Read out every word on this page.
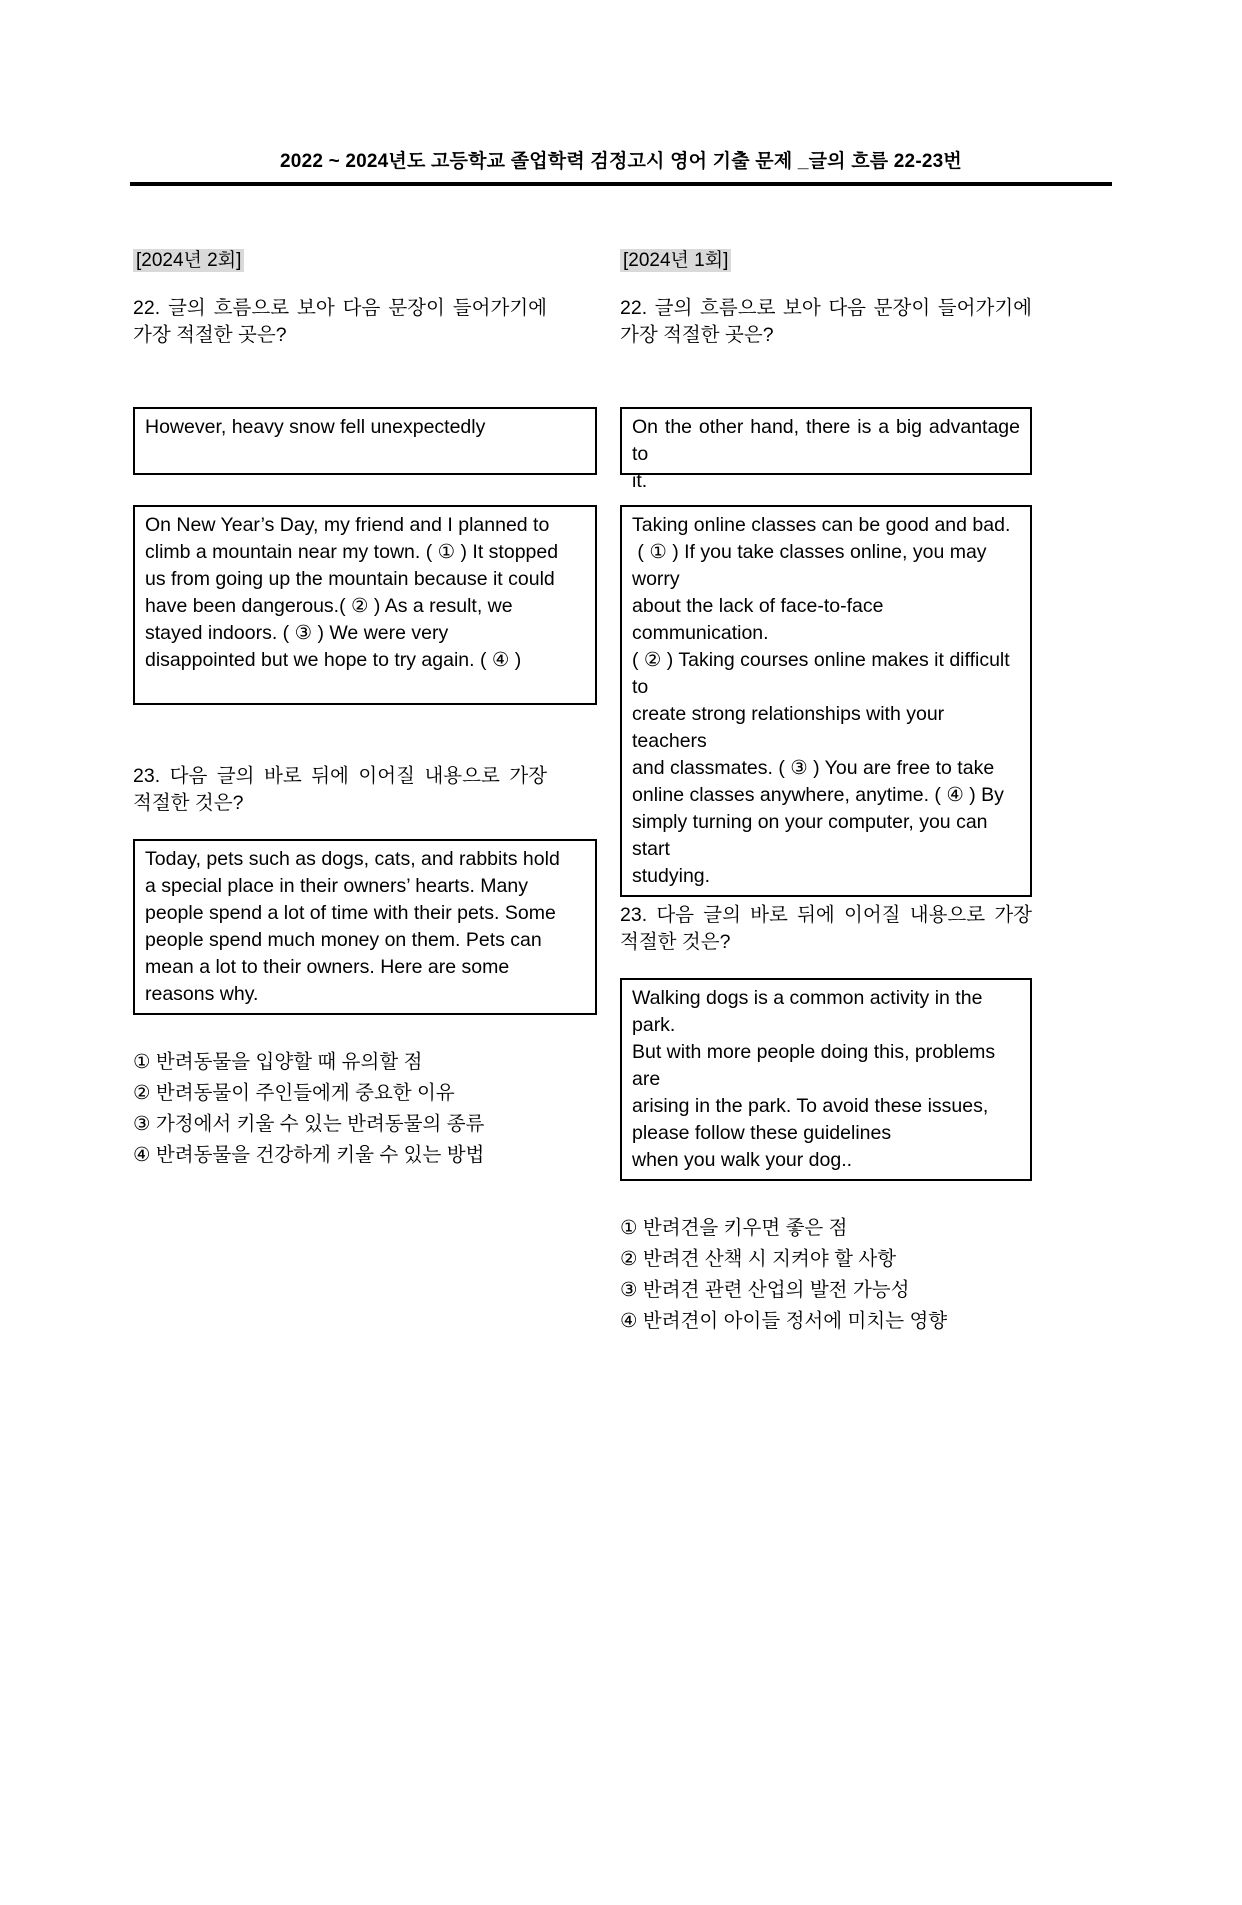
2022 ~ 2024년도 고등학교 졸업학력 검정고시 영어 기출 문제 _글의 흐름 22-23번
[2024년 2회]
22. 글의 흐름으로 보아 다음 문장이 들어가기에
가장 적절한 곳은?
However, heavy snow fell unexpectedly
On New Year’s Day, my friend and I planned to
climb a mountain near my town. ( ① ) It stopped
us from going up the mountain because it could
have been dangerous.( ② ) As a result, we
stayed indoors. ( ③ ) We were very
disappointed but we hope to try again. ( ④ )
23. 다음 글의 바로 뒤에 이어질 내용으로 가장
적절한 것은?
Today, pets such as dogs, cats, and rabbits hold
a special place in their owners’ hearts. Many
people spend a lot of time with their pets. Some
people spend much money on them. Pets can
mean a lot to their owners. Here are some
reasons why.
① 반려동물을 입양할 때 유의할 점
② 반려동물이 주인들에게 중요한 이유
③ 가정에서 키울 수 있는 반려동물의 종류
④ 반려동물을 건강하게 키울 수 있는 방법
[2024년 1회]
22. 글의 흐름으로 보아 다음 문장이 들어가기에
가장 적절한 곳은?
On the other hand, there is a big advantage to
it.
Taking online classes can be good and bad.
( ① ) If you take classes online, you may worry
about the lack of face-to-face communication.
( ② ) Taking courses online makes it difficult to
create strong relationships with your teachers
and classmates. ( ③ ) You are free to take
online classes anywhere, anytime. ( ④ ) By
simply turning on your computer, you can start
studying.
23. 다음 글의 바로 뒤에 이어질 내용으로 가장
적절한 것은?
Walking dogs is a common activity in the park.
But with more people doing this, problems are
arising in the park. To avoid these issues,
please follow these guidelines
when you walk your dog..
① 반려견을 키우면 좋은 점
② 반려견 산책 시 지켜야 할 사항
③ 반려견 관련 산업의 발전 가능성
④ 반려견이 아이들 정서에 미치는 영향
